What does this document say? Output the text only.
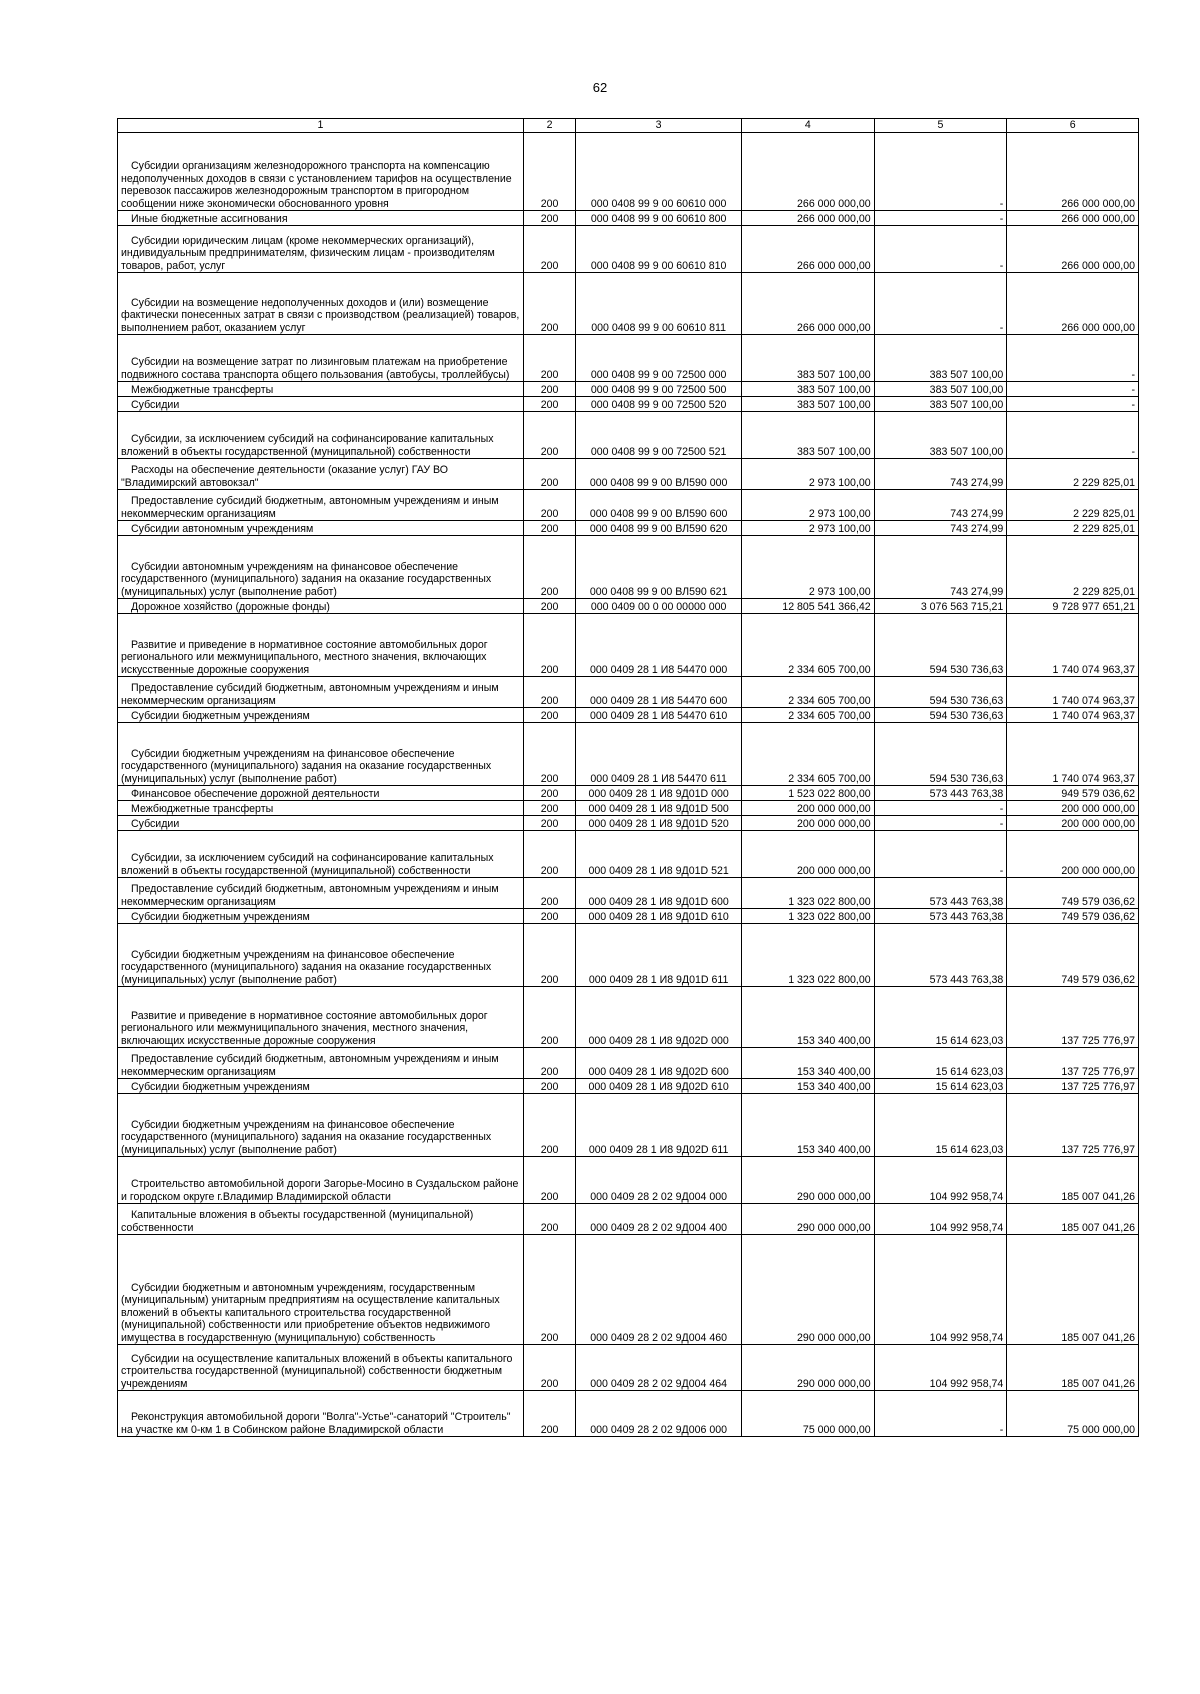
62
1	2	3	4	5	6

Субсидии организациям железнодорожного транспорта на компенсацию недополученных доходов в связи с установлением тарифов на осуществление перевозок пассажиров железнодорожным транспортом в пригородном сообщении ниже экономически обоснованного уровня	200	000 0408 99 9 00 60610 000	266 000 000,00	-	266 000 000,00

Иные бюджетные ассигнования	200	000 0408 99 9 00 60610 800	266 000 000,00	-	266 000 000,00

Субсидии юридическим лицам (кроме некоммерческих организаций), индивидуальным предпринимателям, физическим лицам - производителям товаров, работ, услуг	200	000 0408 99 9 00 60610 810	266 000 000,00	-	266 000 000,00

Субсидии на возмещение недополученных доходов и (или) возмещение фактически понесенных затрат в связи с производством (реализацией) товаров, выполнением работ, оказанием услуг	200	000 0408 99 9 00 60610 811	266 000 000,00	-	266 000 000,00

Субсидии на возмещение затрат по лизинговым платежам на приобретение подвижного состава транспорта общего пользования (автобусы, троллейбусы)	200	000 0408 99 9 00 72500 000	383 507 100,00	383 507 100,00	-

Межбюджетные трансферты	200	000 0408 99 9 00 72500 500	383 507 100,00	383 507 100,00	-

Субсидии	200	000 0408 99 9 00 72500 520	383 507 100,00	383 507 100,00	-

Субсидии, за исключением субсидий на софинансирование капитальных вложений в объекты государственной (муниципальной) собственности	200	000 0408 99 9 00 72500 521	383 507 100,00	383 507 100,00	-

Расходы на обеспечение деятельности (оказание услуг) ГАУ ВО "Владимирский автовокзал"	200	000 0408 99 9 00 ВЛ590 000	2 973 100,00	743 274,99	2 229 825,01

Предоставление субсидий бюджетным, автономным учреждениям и иным некоммерческим организациям	200	000 0408 99 9 00 ВЛ590 600	2 973 100,00	743 274,99	2 229 825,01

Субсидии автономным учреждениям	200	000 0408 99 9 00 ВЛ590 620	2 973 100,00	743 274,99	2 229 825,01

Субсидии автономным учреждениям на финансовое обеспечение государственного (муниципального) задания на оказание государственных (муниципальных) услуг (выполнение работ)	200	000 0408 99 9 00 ВЛ590 621	2 973 100,00	743 274,99	2 229 825,01

Дорожное хозяйство (дорожные фонды)	200	000 0409 00 0 00 00000 000	12 805 541 366,42	3 076 563 715,21	9 728 977 651,21

Развитие и приведение в нормативное состояние автомобильных дорог регионального или межмуниципального, местного значения, включающих искусственные дорожные сооружения	200	000 0409 28 1 И8 54470 000	2 334 605 700,00	594 530 736,63	1 740 074 963,37

Предоставление субсидий бюджетным, автономным учреждениям и иным некоммерческим организациям	200	000 0409 28 1 И8 54470 600	2 334 605 700,00	594 530 736,63	1 740 074 963,37

Субсидии бюджетным учреждениям	200	000 0409 28 1 И8 54470 610	2 334 605 700,00	594 530 736,63	1 740 074 963,37

Субсидии бюджетным учреждениям на финансовое обеспечение государственного (муниципального) задания на оказание государственных (муниципальных) услуг (выполнение работ)	200	000 0409 28 1 И8 54470 611	2 334 605 700,00	594 530 736,63	1 740 074 963,37

Финансовое обеспечение дорожной деятельности	200	000 0409 28 1 И8 9Д01D 000	1 523 022 800,00	573 443 763,38	949 579 036,62

Межбюджетные трансферты	200	000 0409 28 1 И8 9Д01D 500	200 000 000,00	-	200 000 000,00

Субсидии	200	000 0409 28 1 И8 9Д01D 520	200 000 000,00	-	200 000 000,00

Субсидии, за исключением субсидий на софинансирование капитальных вложений в объекты государственной (муниципальной) собственности	200	000 0409 28 1 И8 9Д01D 521	200 000 000,00	-	200 000 000,00

Предоставление субсидий бюджетным, автономным учреждениям и иным некоммерческим организациям	200	000 0409 28 1 И8 9Д01D 600	1 323 022 800,00	573 443 763,38	749 579 036,62

Субсидии бюджетным учреждениям	200	000 0409 28 1 И8 9Д01D 610	1 323 022 800,00	573 443 763,38	749 579 036,62

Субсидии бюджетным учреждениям на финансовое обеспечение государственного (муниципального) задания на оказание государственных (муниципальных) услуг (выполнение работ)	200	000 0409 28 1 И8 9Д01D 611	1 323 022 800,00	573 443 763,38	749 579 036,62

Развитие и приведение в нормативное состояние автомобильных дорог регионального или межмуниципального значения, местного значения, включающих искусственные дорожные сооружения	200	000 0409 28 1 И8 9Д02D 000	153 340 400,00	15 614 623,03	137 725 776,97

Предоставление субсидий бюджетным, автономным учреждениям и иным некоммерческим организациям	200	000 0409 28 1 И8 9Д02D 600	153 340 400,00	15 614 623,03	137 725 776,97

Субсидии бюджетным учреждениям	200	000 0409 28 1 И8 9Д02D 610	153 340 400,00	15 614 623,03	137 725 776,97

Субсидии бюджетным учреждениям на финансовое обеспечение государственного (муниципального) задания на оказание государственных (муниципальных) услуг (выполнение работ)	200	000 0409 28 1 И8 9Д02D 611	153 340 400,00	15 614 623,03	137 725 776,97

Строительство автомобильной дороги Загорье-Мосино в Суздальском районе и городском округе г.Владимир Владимирской области	200	000 0409 28 2 02 9Д004 000	290 000 000,00	104 992 958,74	185 007 041,26

Капитальные вложения в объекты государственной (муниципальной) собственности	200	000 0409 28 2 02 9Д004 400	290 000 000,00	104 992 958,74	185 007 041,26

Субсидии бюджетным и автономным учреждениям, государственным (муниципальным) унитарным предприятиям на осуществление капитальных вложений в объекты капитального строительства государственной (муниципальной) собственности или приобретение объектов недвижимого имущества в государственную (муниципальную) собственность	200	000 0409 28 2 02 9Д004 460	290 000 000,00	104 992 958,74	185 007 041,26

Субсидии на осуществление капитальных вложений в объекты капитального строительства государственной (муниципальной) собственности бюджетным учреждениям	200	000 0409 28 2 02 9Д004 464	290 000 000,00	104 992 958,74	185 007 041,26

Реконструкция автомобильной дороги "Волга"-Устье"-санаторий "Строитель" на участке км 0-км 1 в Собинском районе Владимирской области	200	000 0409 28 2 02 9Д006 000	75 000 000,00	-	75 000 000,00
